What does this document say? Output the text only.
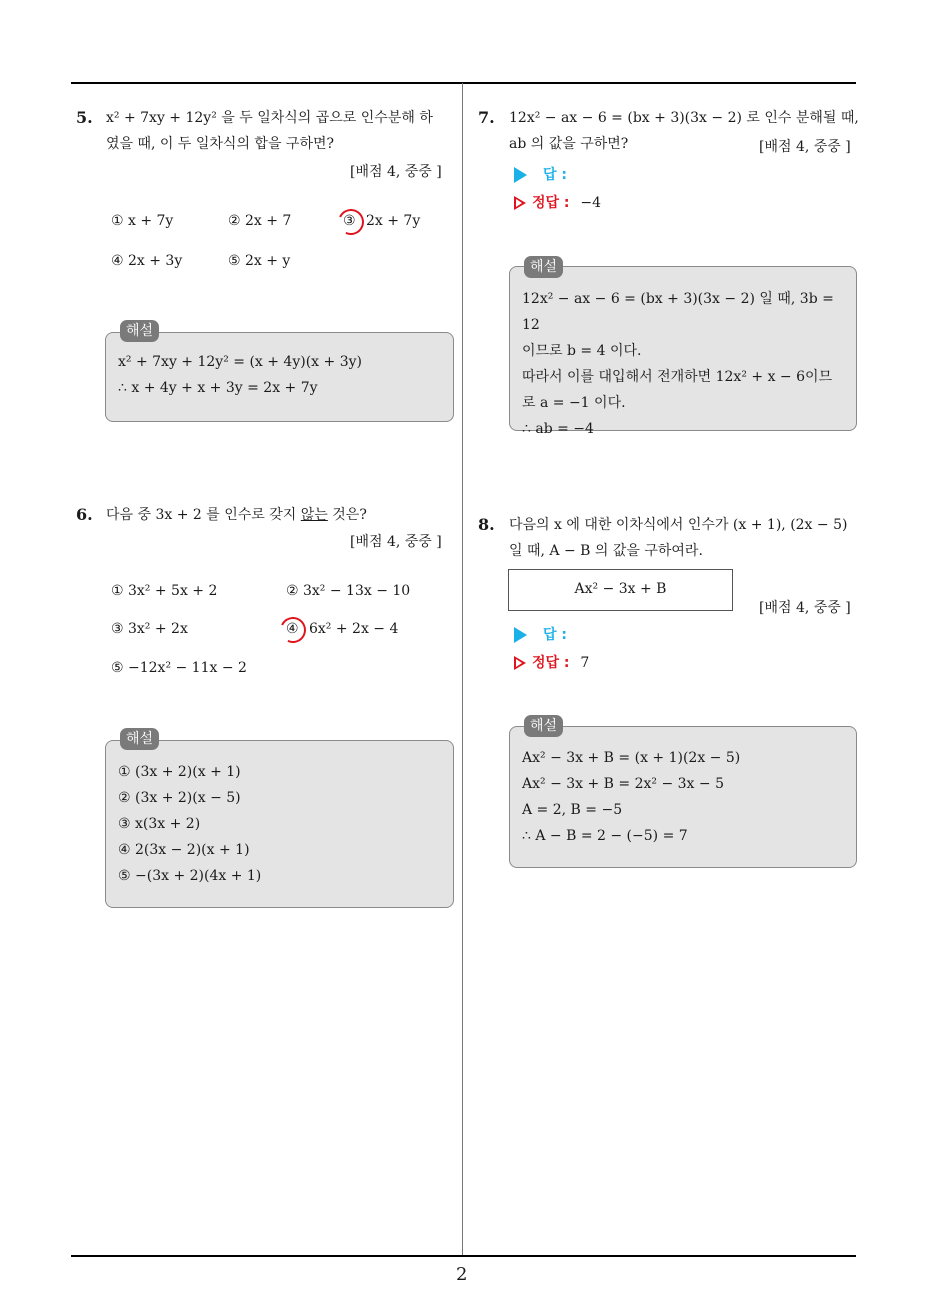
2
5. x² + 7xy + 12y² 을 두 일차식의 곱으로 인수분해 하
였을 때, 이 두 일차식의 합을 구하면?
[배점 4, 중중 ]
① x + 7y	② 2x + 7	③ 2x + 7y
④ 2x + 3y	⑤ 2x + y
x² + 7xy + 12y² = (x + 4y)(x + 3y)
∴ x + 4y + x + 3y = 2x + 7y
해설
6. 다음 중 3x + 2 를 인수로 갖지 않는 것은?
[배점 4, 중중 ]
① 3x² + 5x + 2	② 3x² − 13x − 10
③ 3x² + 2x	④ 6x² + 2x − 4
⑤ −12x² − 11x − 2
① (3x + 2)(x + 1)
② (3x + 2)(x − 5)
③ x(3x + 2)
④ 2(3x − 2)(x + 1)
⑤ −(3x + 2)(4x + 1)
해설
7. 12x² − ax − 6 = (bx + 3)(3x − 2) 로 인수 분해될 때,
ab 의 값을 구하면?	[배점 4, 중중 ]
답 :
정답 : −4
12x² − ax − 6 = (bx + 3)(3x − 2) 일 때, 3b = 12
이므로 b = 4 이다.
따라서 이를 대입해서 전개하면 12x² + x − 6이므
로 a = −1 이다.
∴ ab = −4
해설
8. 다음의 x 에 대한 이차식에서 인수가 (x + 1), (2x − 5)
일 때, A − B 의 값을 구하여라.
Ax² − 3x + B
[배점 4, 중중 ]
답 :
정답 : 7
Ax² − 3x + B = (x + 1)(2x − 5)
Ax² − 3x + B = 2x² − 3x − 5
A = 2, B = −5
∴ A − B = 2 − (−5) = 7
해설
